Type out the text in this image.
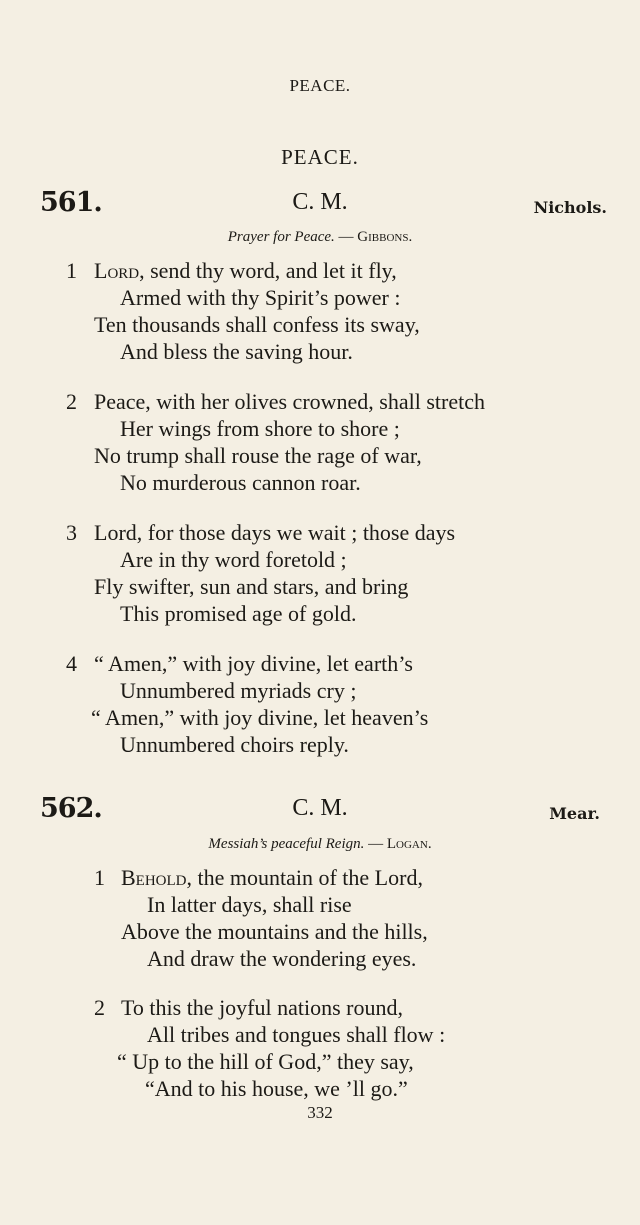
PEACE.
PEACE.
561.	C. M.	Nichols.
Prayer for Peace. — Gibbons.
1 Lord, send thy word, and let it fly,
Armed with thy Spirit’s power :
Ten thousands shall confess its sway,
And bless the saving hour.
2 Peace, with her olives crowned, shall stretch
Her wings from shore to shore ;
No trump shall rouse the rage of war,
No murderous cannon roar.
3 Lord, for those days we wait ; those days
Are in thy word foretold ;
Fly swifter, sun and stars, and bring
This promised age of gold.
4 “ Amen,” with joy divine, let earth’s
Unnumbered myriads cry ;
“ Amen,” with joy divine, let heaven’s
Unnumbered choirs reply.
562.	C. M.	Mear.
Messiah’s peaceful Reign. — Logan.
1 Behold, the mountain of the Lord,
In latter days, shall rise
Above the mountains and the hills,
And draw the wondering eyes.
2 To this the joyful nations round,
All tribes and tongues shall flow :
“ Up to the hill of God,” they say,
“And to his house, we ’ll go.”
332
